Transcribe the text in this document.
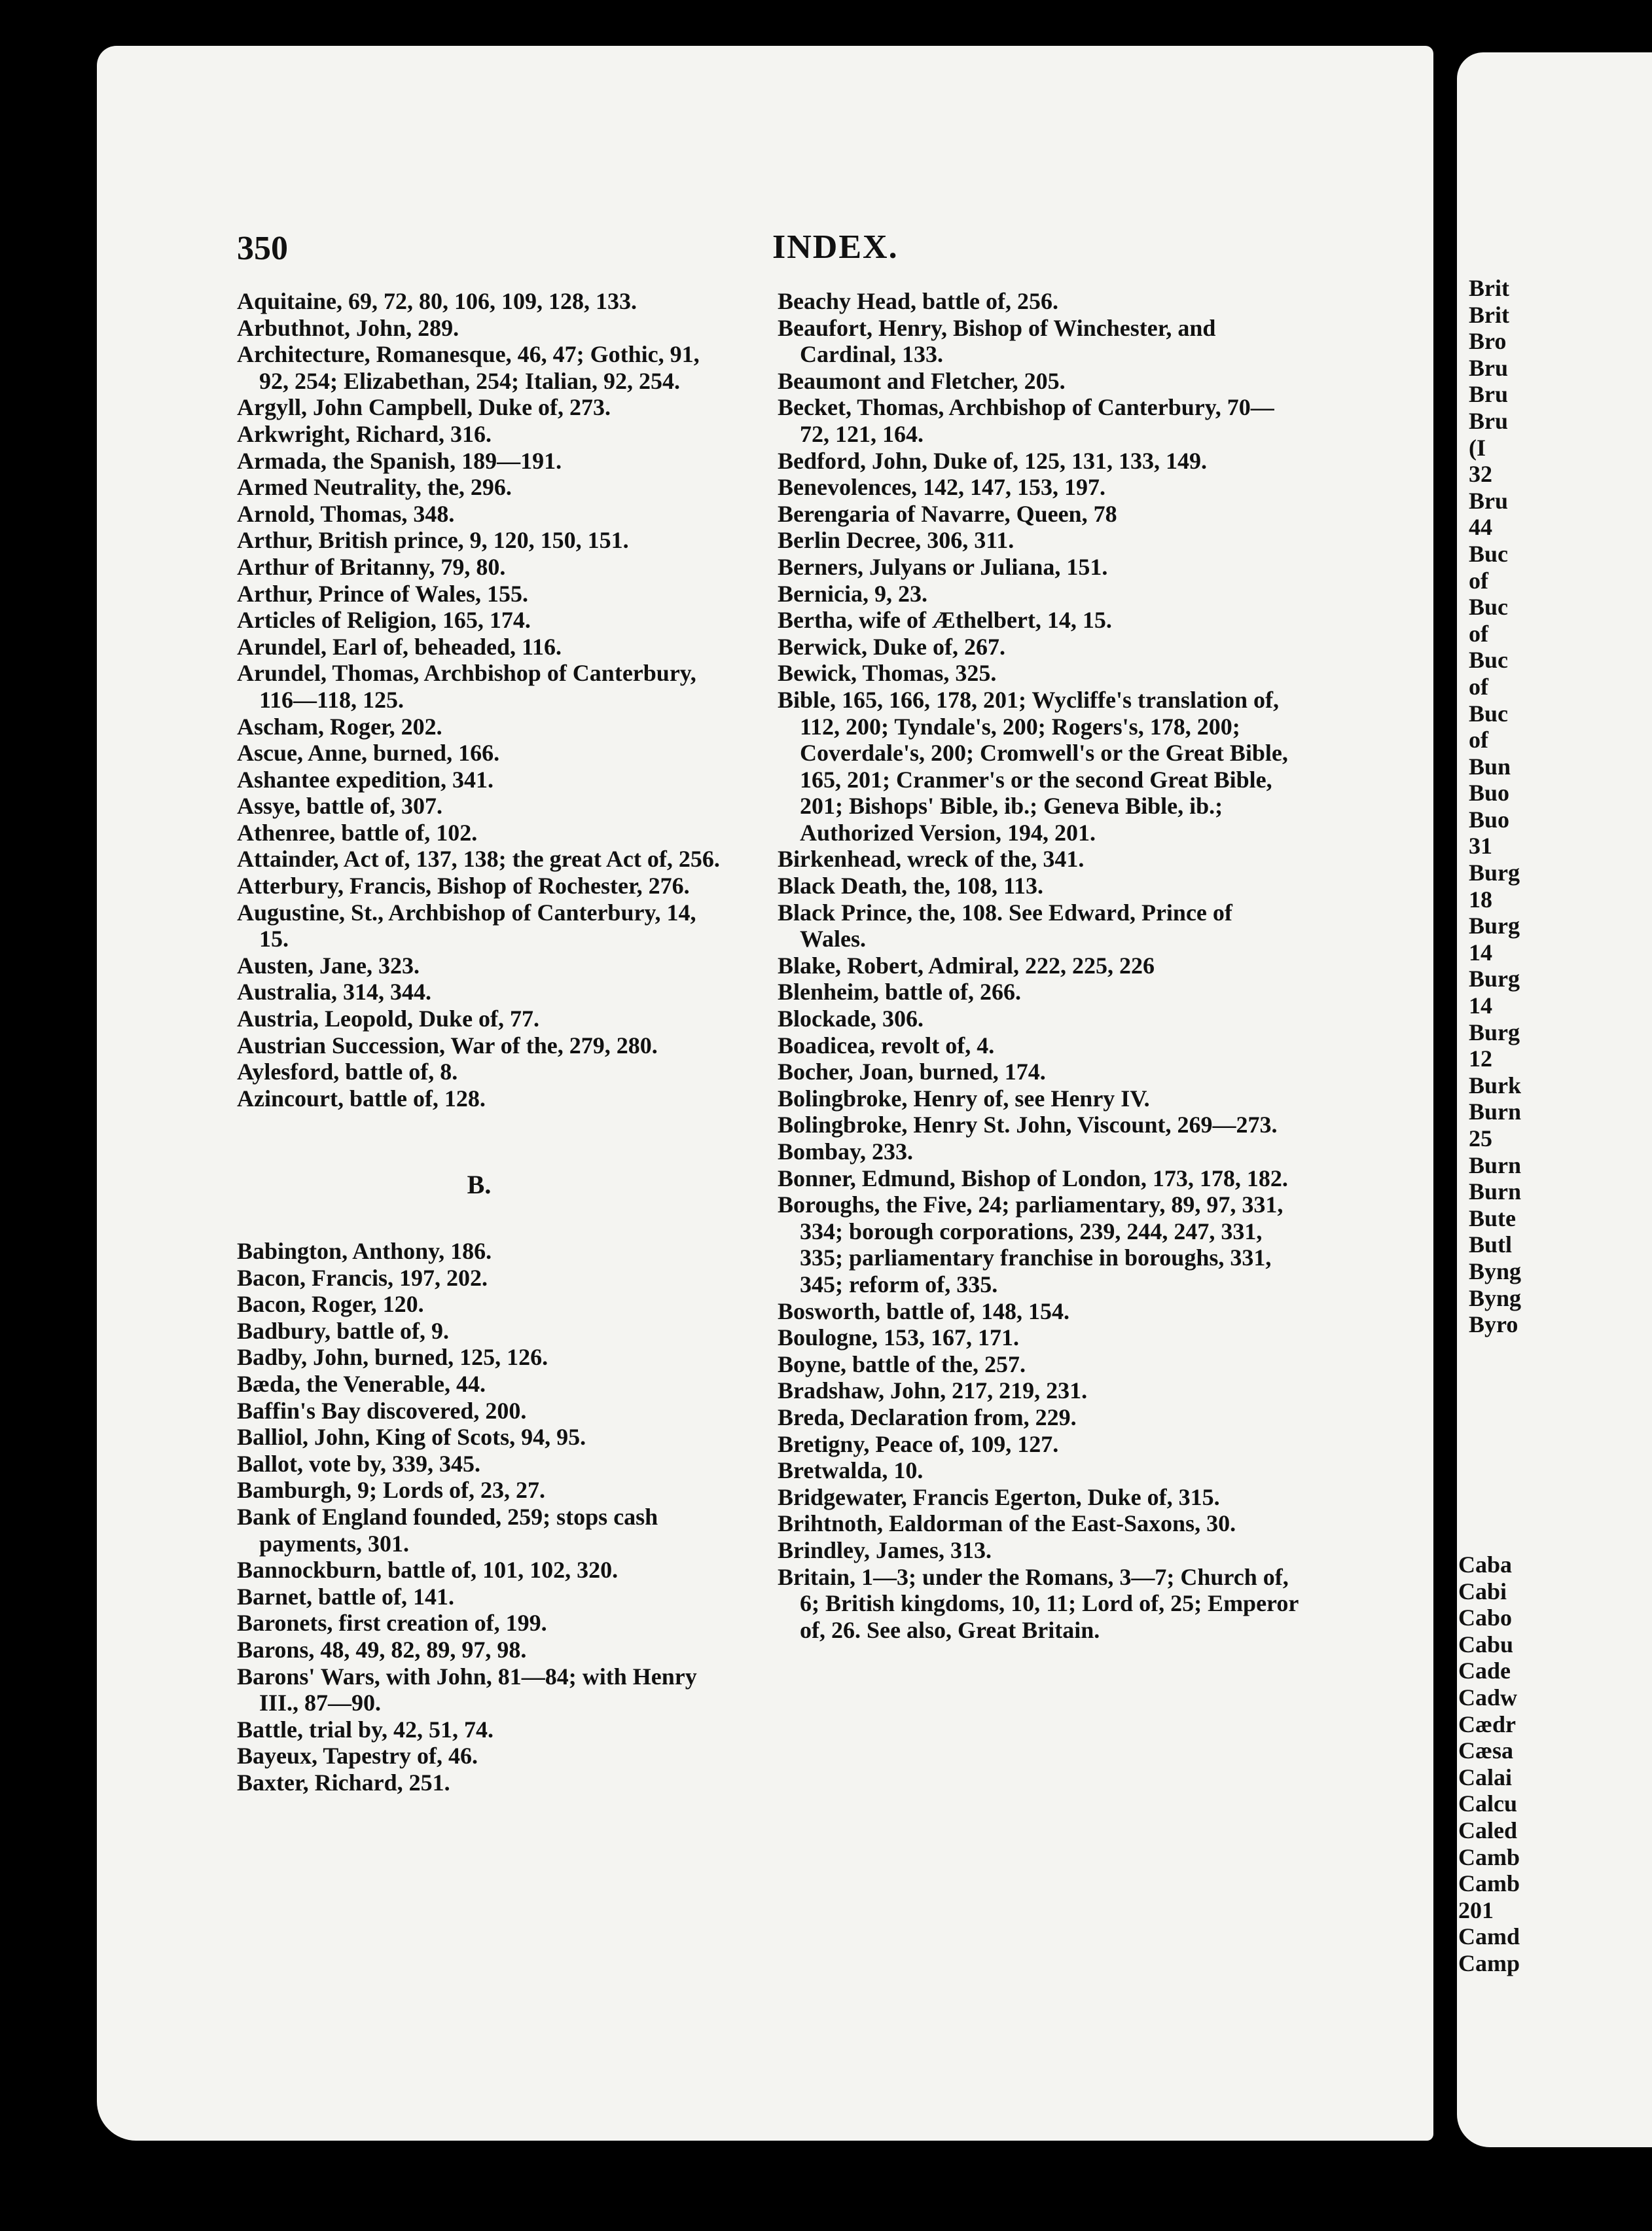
Brit
Brit
Bro
Bru
Bru
Bru
(I
32
Bru
44
Buc
of
Buc
of
Buc
of
Buc
of
Bun
Buo
Buo
31
Burg
18
Burg
14
Burg
14
Burg
12
Burk
Burn
25
Burn
Burn
Bute
Butl
Byng
Byng
Byro
Caba
Cabi
Cabo
Cabu
Cade
Cadw
Cædr
Cæsa
Calai
Calcu
Caled
Camb
Camb
201
Camd
Camp
350	INDEX.

Aquitaine, 69, 72, 80, 106, 109, 128, 133.

Arbuthnot, John, 289.

Architecture, Romanesque, 46, 47; Gothic, 91, 92, 254; Elizabethan, 254; Italian, 92, 254.

Argyll, John Campbell, Duke of, 273.

Arkwright, Richard, 316.

Armada, the Spanish, 189—191.

Armed Neutrality, the, 296.

Arnold, Thomas, 348.

Arthur, British prince, 9, 120, 150, 151.

Arthur of Britanny, 79, 80.

Arthur, Prince of Wales, 155.

Articles of Religion, 165, 174.

Arundel, Earl of, beheaded, 116.

Arundel, Thomas, Archbishop of Canterbury, 116—118, 125.

Ascham, Roger, 202.

Ascue, Anne, burned, 166.

Ashantee expedition, 341.

Assye, battle of, 307.

Athenree, battle of, 102.

Attainder, Act of, 137, 138; the great Act of, 256.

Atterbury, Francis, Bishop of Rochester, 276.

Augustine, St., Archbishop of Canterbury, 14, 15.

Austen, Jane, 323.

Australia, 314, 344.

Austria, Leopold, Duke of, 77.

Austrian Succession, War of the, 279, 280.

Aylesford, battle of, 8.

Azincourt, battle of, 128.

B.

Babington, Anthony, 186.

Bacon, Francis, 197, 202.

Bacon, Roger, 120.

Badbury, battle of, 9.

Badby, John, burned, 125, 126.

Bæda, the Venerable, 44.

Baffin's Bay discovered, 200.

Balliol, John, King of Scots, 94, 95.

Ballot, vote by, 339, 345.

Bamburgh, 9; Lords of, 23, 27.

Bank of England founded, 259; stops cash payments, 301.

Bannockburn, battle of, 101, 102, 320.

Barnet, battle of, 141.

Baronets, first creation of, 199.

Barons, 48, 49, 82, 89, 97, 98.

Barons' Wars, with John, 81—84; with Henry III., 87—90.

Battle, trial by, 42, 51, 74.

Bayeux, Tapestry of, 46.

Baxter, Richard, 251.

Beachy Head, battle of, 256.

Beaufort, Henry, Bishop of Winchester, and Cardinal, 133.

Beaumont and Fletcher, 205.

Becket, Thomas, Archbishop of Canterbury, 70—72, 121, 164.

Bedford, John, Duke of, 125, 131, 133, 149.

Benevolences, 142, 147, 153, 197.

Berengaria of Navarre, Queen, 78

Berlin Decree, 306, 311.

Berners, Julyans or Juliana, 151.

Bernicia, 9, 23.

Bertha, wife of Æthelbert, 14, 15.

Berwick, Duke of, 267.

Bewick, Thomas, 325.

Bible, 165, 166, 178, 201; Wycliffe's translation of, 112, 200; Tyndale's, 200; Rogers's, 178, 200; Coverdale's, 200; Cromwell's or the Great Bible, 165, 201; Cranmer's or the second Great Bible, 201; Bishops' Bible, ib.; Geneva Bible, ib.; Authorized Version, 194, 201.

Birkenhead, wreck of the, 341.

Black Death, the, 108, 113.

Black Prince, the, 108. See Edward, Prince of Wales.

Blake, Robert, Admiral, 222, 225, 226

Blenheim, battle of, 266.

Blockade, 306.

Boadicea, revolt of, 4.

Bocher, Joan, burned, 174.

Bolingbroke, Henry of, see Henry IV.

Bolingbroke, Henry St. John, Viscount, 269—273.

Bombay, 233.

Bonner, Edmund, Bishop of London, 173, 178, 182.

Boroughs, the Five, 24; parliamentary, 89, 97, 331, 334; borough corporations, 239, 244, 247, 331, 335; parliamentary franchise in boroughs, 331, 345; reform of, 335.

Bosworth, battle of, 148, 154.

Boulogne, 153, 167, 171.

Boyne, battle of the, 257.

Bradshaw, John, 217, 219, 231.

Breda, Declaration from, 229.

Bretigny, Peace of, 109, 127.

Bretwalda, 10.

Bridgewater, Francis Egerton, Duke of, 315.

Brihtnoth, Ealdorman of the East-Saxons, 30.

Brindley, James, 313.

Britain, 1—3; under the Romans, 3—7; Church of, 6; British kingdoms, 10, 11; Lord of, 25; Emperor of, 26. See also, Great Britain.
